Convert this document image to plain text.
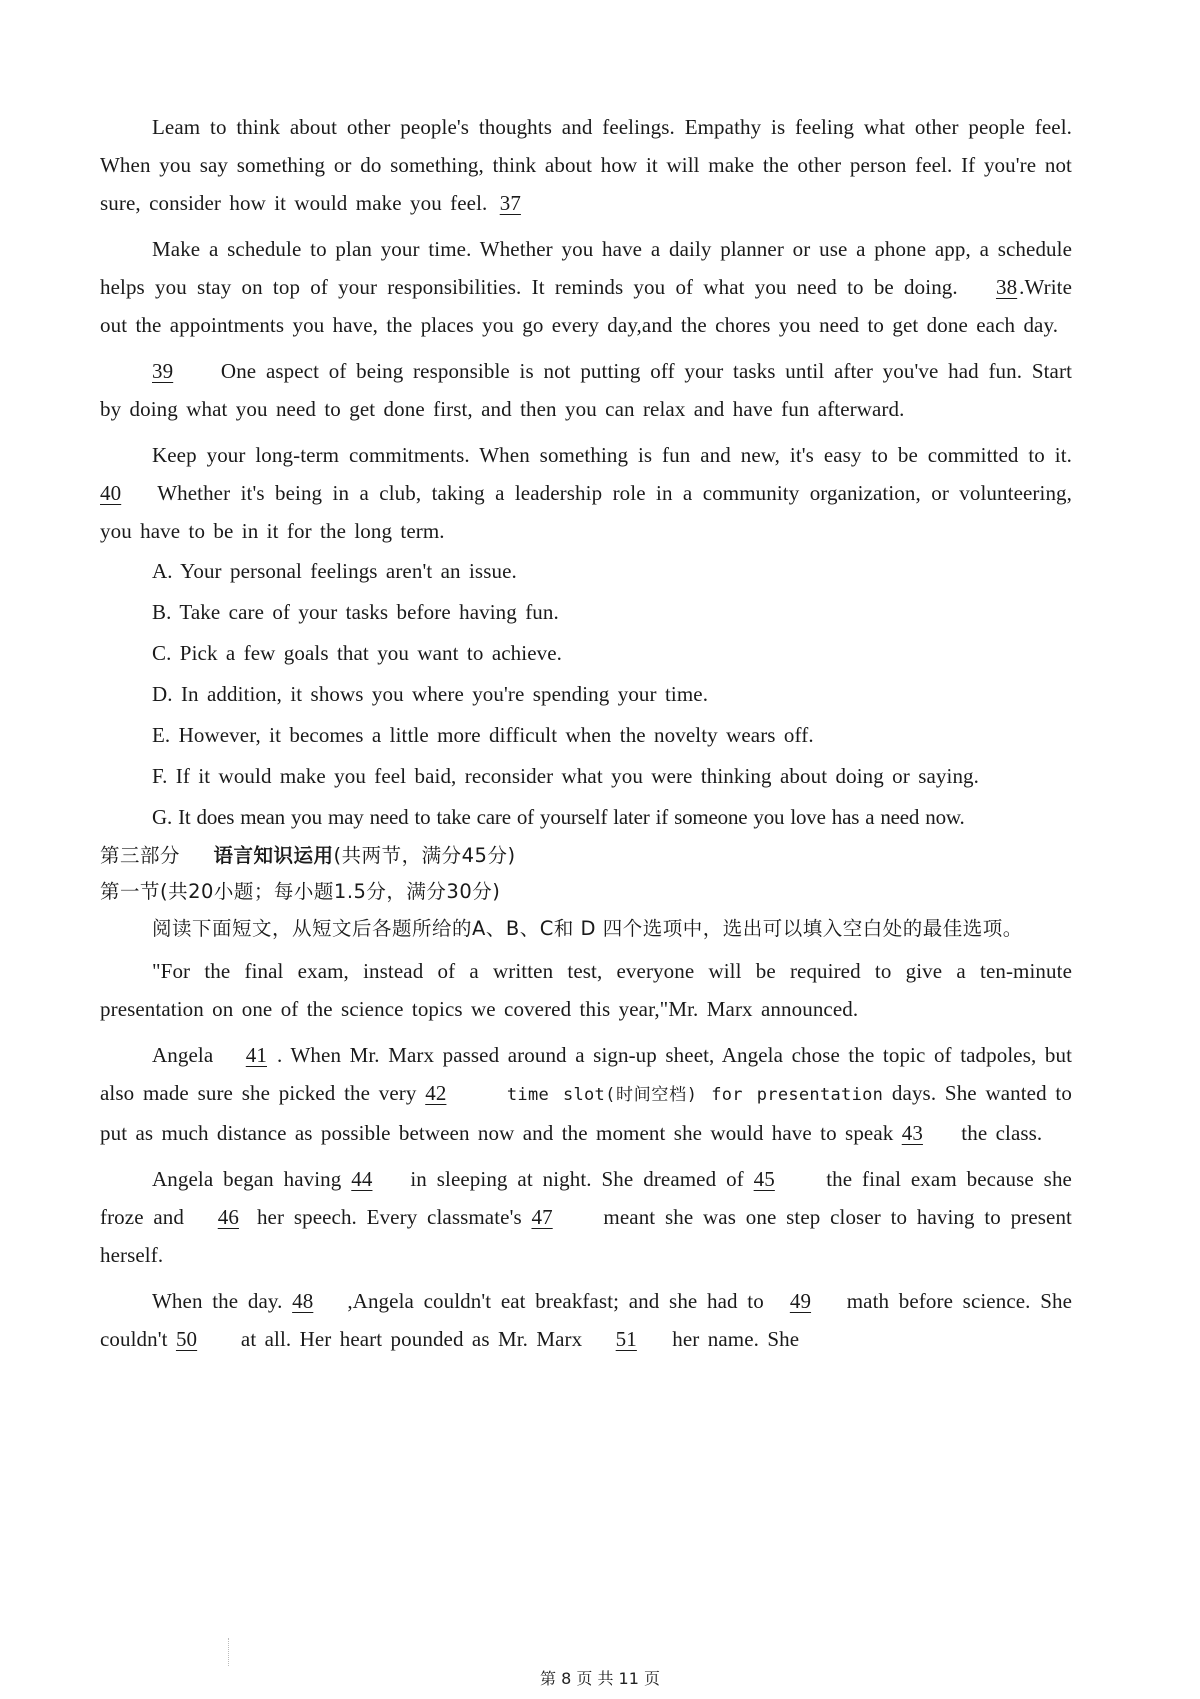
Leam to think about other people's thoughts and feelings. Empathy is feeling what other people feel. When you say something or do something, think about how it will make the other person feel. If you're not sure, consider how it would make you feel. 37

Make a schedule to plan your time. Whether you have a daily planner or use a phone app, a schedule helps you stay on top of your responsibilities. It reminds you of what you need to be doing. 38.Write out the appointments you have, the places you go every day,and the chores you need to get done each day.

39 One aspect of being responsible is not putting off your tasks until after you've had fun. Start by doing what you need to get done first, and then you can relax and have fun afterward.

Keep your long-term commitments. When something is fun and new, it's easy to be committed to it. 40 Whether it's being in a club, taking a leadership role in a community organization, or volunteering, you have to be in it for the long term.

A. Your personal feelings aren't an issue.

B. Take care of your tasks before having fun.

C. Pick a few goals that you want to achieve.

D. In addition, it shows you where you're spending your time.

E. However, it becomes a little more difficult when the novelty wears off.

F. If it would make you feel baid, reconsider what you were thinking about doing or saying.

G. It does mean you may need to take care of yourself later if someone you love has a need now.

第三部分 语言知识运用(共两节，满分45分)

第一节(共20小题；每小题1.5分，满分30分)

阅读下面短文，从短文后各题所给的A、B、C和 D 四个选项中，选出可以填入空白处的最佳选项。

"For the final exam, instead of a written test, everyone will be required to give a ten-minute presentation on one of the science topics we covered this year,"Mr. Marx announced.

Angela 41 . When Mr. Marx passed around a sign-up sheet, Angela chose the topic of tadpoles, but also made sure she picked the very 42	time slot(时间空档) for presentation days. She wanted to put as much distance as possible between now and the moment she would have to speak 43 the class.

Angela began having 44 in sleeping at night. She dreamed of 45     the final exam because she froze and 46 her speech. Every classmate's 47     meant she was one step closer to having to present herself.

When the day. 48 ,Angela couldn't eat breakfast; and she had to 49 math before science. She couldn't 50     at all. Her heart pounded as Mr. Marx    51    her name. She

第 8 页 共 11 页
